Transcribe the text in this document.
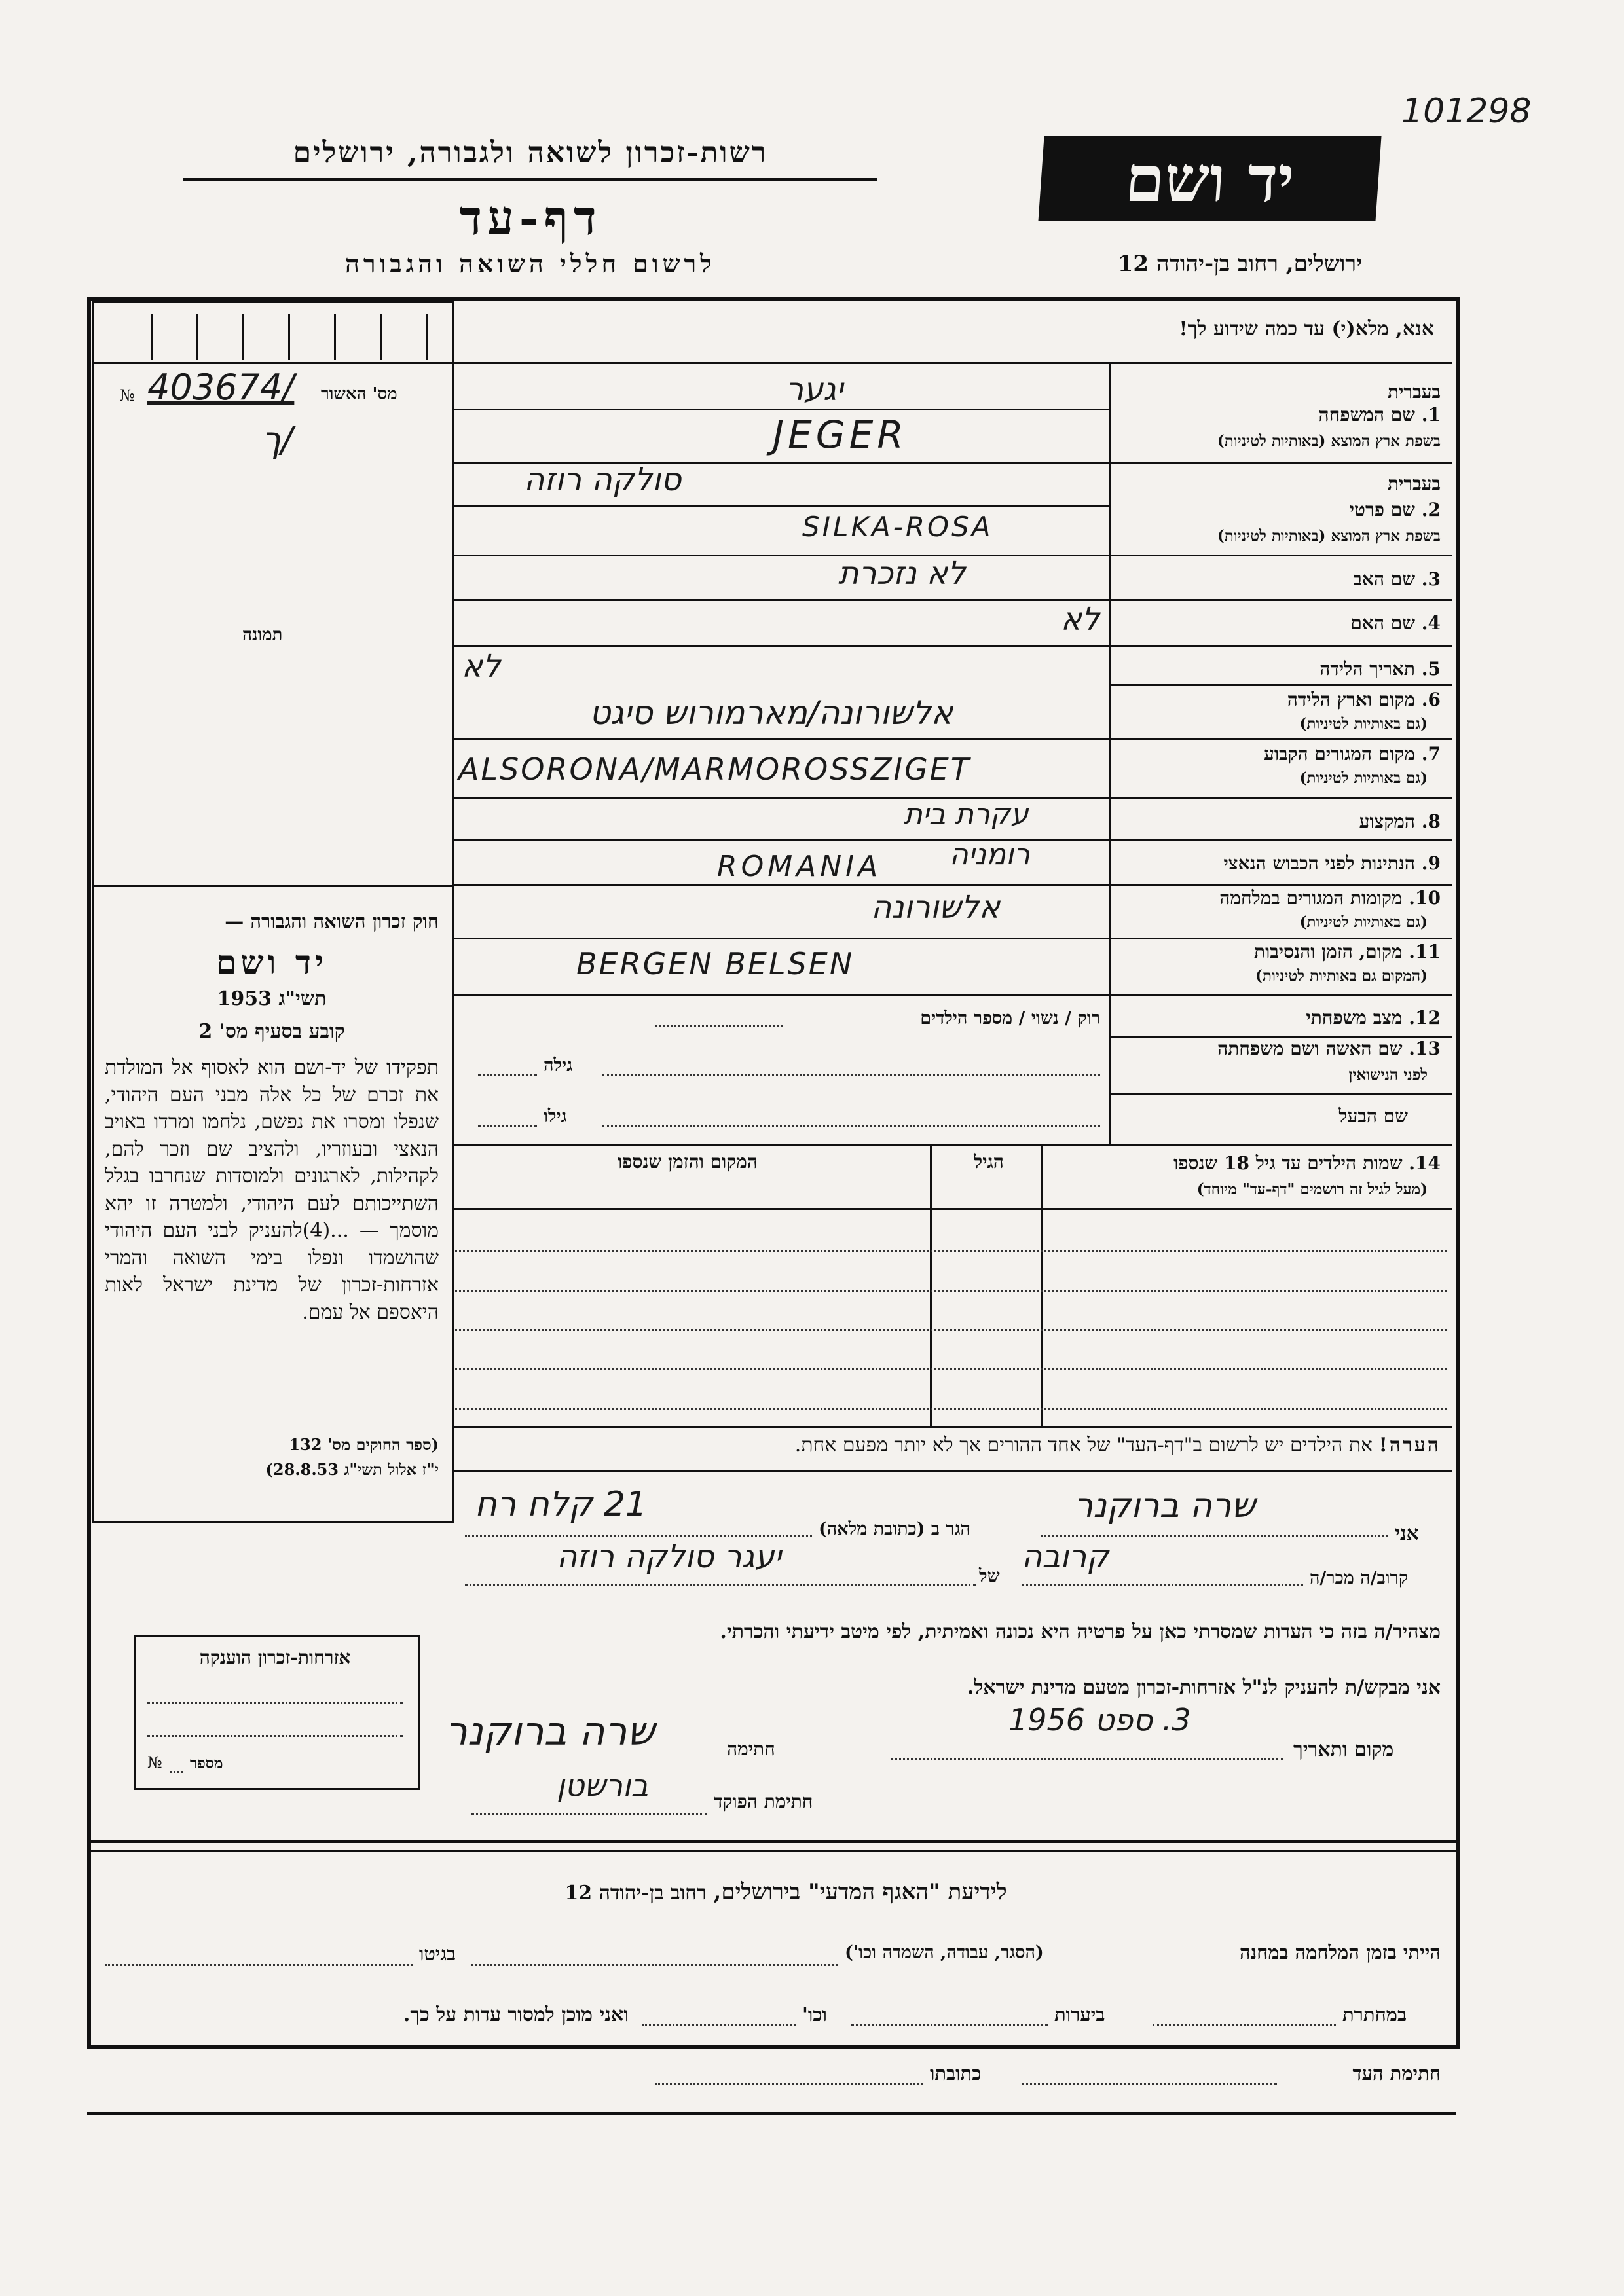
101298
רשות-זכרון לשואה ולגבורה, ירושלים
דף-עד
לרשום חללי השואה והגבורה
יד ושם
ירושלים, רחוב בן-יהודה 12
אנא, מלא(י) עד כמה שידוע לך!
מס' האשור
№ 403674/
/ך
תמונה
חוק זכרון השואה והגבורה —
יד ושם
תשי"ג 1953
קובע בסעיף מס' 2
תפקידו של יד-ושם הוא לאסוף אל המולדת את זכרם של כל אלה מבני העם היהודי, שנפלו ומסרו את נפשם, נלחמו ומרדו באויב הנאצי ובעוזריו, ולהציב שם וזכר להם, לקהילות, לארגונים ולמוסדות שנחרבו בגלל השתייכותם לעם היהודי, ולמטרה זו יהא מוסמך — ...(4)להעניק לבני העם היהודי שהושמדו ונפלו בימי השואה והמרי אזרחות-זכרון של מדינת ישראל לאות היאספם אל עמם.
(ספר החוקים מס' 132
י"ז אלול תשי"ג 28.8.53)
אזרחות-זכרון הוענקה
מספר
№
בעברית
1. שם המשפחה
בשפת ארץ המוצא (באותיות לטיניות)
יגער
JEGER
בעברית
2. שם פרטי
בשפת ארץ המוצא (באותיות לטיניות)
סולקה רוזה
SILKA-ROSA
3. שם האב
לא נזכרת
4. שם האם
לא
5. תאריך הלידה
לא
6. מקום וארץ הלידה
(גם באותיות לטיניות)
אלשורונה/מארמורוש סיגט
7. מקום המגורים הקבוע
(גם באותיות לטיניות)
ALSORONA/MARMOROSSZIGET
8. המקצוע
עקרת בית
9. הנתינות לפני הכבוש הנאצי
רומניה
ROMANIA
10. מקומות המגורים במלחמה
(גם באותיות לטיניות)
אלשורונה
11. מקום, הזמן והנסיבות
(המקום גם באותיות לטיניות)
BERGEN BELSEN
12. מצב משפחתי
רוק / נשוי / מספר הילדים
13. שם האשה ושם משפחתה
לפני הנישואין
גילה
שם הבעל
גילו
14. שמות הילדים עד גיל 18 שנספו
(מעל לגיל זה רושמים "דף-עד" מיוחד)
הגיל
המקום והזמן שנספו
הערה! את הילדים יש לרשום ב"דף-העד" של אחד ההורים אך לא יותר מפעם אחת.
אני
שרה ברוקנר
הגר ב (כתובת מלאה)
21 קלח רח
קרוב/ה מכר/ה
קרובה
של
יעגר סולקה רוזה
מצהיר/ה בזה כי העדות שמסרתי כאן על פרטיה היא נכונה ואמיתית, לפי מיטב ידיעתי והכרתי.
אני מבקש/ת להעניק לנ"ל אזרחות-זכרון מטעם מדינת ישראל.
מקום ותאריך
3. ספט 1956
חתימה
שרה ברוקנר
חתימת הפוקד
בורשטן
לידיעת "האגף המדעי" בירושלים, רחוב בן-יהודה 12
הייתי בזמן המלחמה במחנה
(הסגר, עבודה, השמדה וכו')
בגיטו
במחתרת
ביערות
וכו'
ואני מוכן למסור עדות על כך.
חתימת העד
כתובתו
